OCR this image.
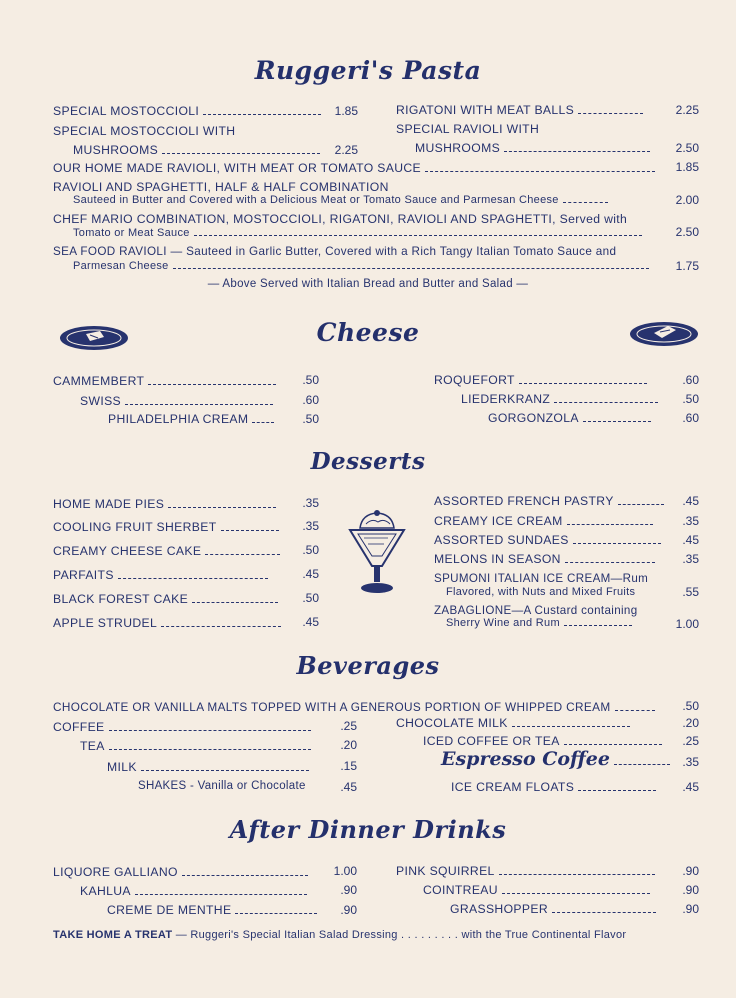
Ruggeri's Pasta
SPECIAL MOSTOCCIOLI	1.85	RIGATONI WITH MEAT BALLS	2.25
SPECIAL MOSTOCCIOLI WITH
MUSHROOMS	2.25
SPECIAL RAVIOLI WITH
MUSHROOMS	2.50
OUR HOME MADE RAVIOLI, WITH MEAT OR TOMATO SAUCE	1.85
RAVIOLI AND SPAGHETTI, HALF & HALF COMBINATION
Sauteed in Butter and Covered with a Delicious Meat or Tomato Sauce and Parmesan Cheese	2.00
CHEF MARIO COMBINATION, MOSTOCCIOLI, RIGATONI, RAVIOLI AND SPAGHETTI, Served with
Tomato or Meat Sauce	2.50
SEA FOOD RAVIOLI — Sauteed in Garlic Butter, Covered with a Rich Tangy Italian Tomato Sauce and
Parmesan Cheese	1.75
— Above Served with Italian Bread and Butter and Salad —
Cheese
CAMMEMBERT	.50
SWISS	.60
PHILADELPHIA CREAM	.50
ROQUEFORT	.60
LIEDERKRANZ	.50
GORGONZOLA	.60
Desserts
HOME MADE PIES	.35
COOLING FRUIT SHERBET	.35
CREAMY CHEESE CAKE	.50
PARFAITS	.45
BLACK FOREST CAKE	.50
APPLE STRUDEL	.45
ASSORTED FRENCH PASTRY	.45
CREAMY ICE CREAM	.35
ASSORTED SUNDAES	.45
MELONS IN SEASON	.35
SPUMONI ITALIAN ICE CREAM—Rum
Flavored, with Nuts and Mixed Fruits	.55
ZABAGLIONE—A Custard containing
Sherry Wine and Rum	1.00
Beverages
CHOCOLATE OR VANILLA MALTS TOPPED WITH A GENEROUS PORTION OF WHIPPED CREAM	.50
COFFEE	.25
TEA	.20
MILK	.15
SHAKES - Vanilla or Chocolate	.45
CHOCOLATE MILK	.20
ICED COFFEE OR TEA	.25
Espresso Coffee	.35
ICE CREAM FLOATS	.45
After Dinner Drinks
LIQUORE GALLIANO	1.00
KAHLUA	.90
CREME DE MENTHE	.90
PINK SQUIRREL	.90
COINTREAU	.90
GRASSHOPPER	.90
TAKE HOME A TREAT — Ruggeri's Special Italian Salad Dressing . . . . . . . . . with the True Continental Flavor
